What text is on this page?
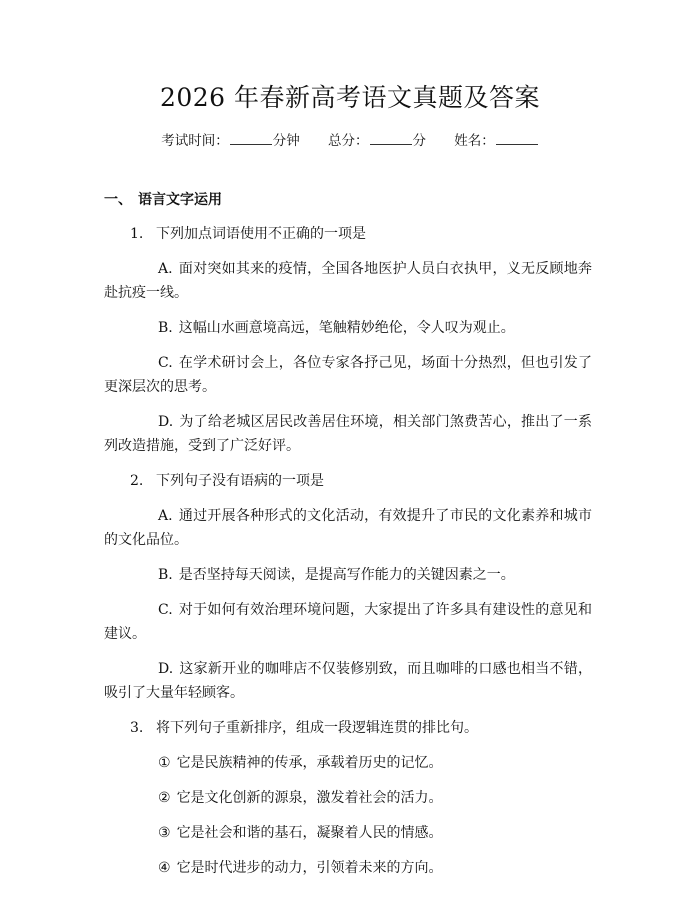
2026 年春新高考语文真题及答案
考试时间：	分钟 总分：	分 姓名：
一、 语言文字运用
1. 下列加点词语使用不正确的一项是
A. 面对突如其来的疫情，全国各地医护人员白衣执甲，义无反顾地奔赴抗疫一线。
B. 这幅山水画意境高远，笔触精妙绝伦，令人叹为观止。
C. 在学术研讨会上，各位专家各抒己见，场面十分热烈，但也引发了更深层次的思考。
D. 为了给老城区居民改善居住环境，相关部门煞费苦心，推出了一系列改造措施，受到了广泛好评。
2. 下列句子没有语病的一项是
A. 通过开展各种形式的文化活动，有效提升了市民的文化素养和城市的文化品位。
B. 是否坚持每天阅读，是提高写作能力的关键因素之一。
C. 对于如何有效治理环境问题，大家提出了许多具有建设性的意见和建议。
D. 这家新开业的咖啡店不仅装修别致，而且咖啡的口感也相当不错，吸引了大量年轻顾客。
3. 将下列句子重新排序，组成一段逻辑连贯的排比句。
① 它是民族精神的传承，承载着历史的记忆。
② 它是文化创新的源泉，激发着社会的活力。
③ 它是社会和谐的基石，凝聚着人民的情感。
④ 它是时代进步的动力，引领着未来的方向。
